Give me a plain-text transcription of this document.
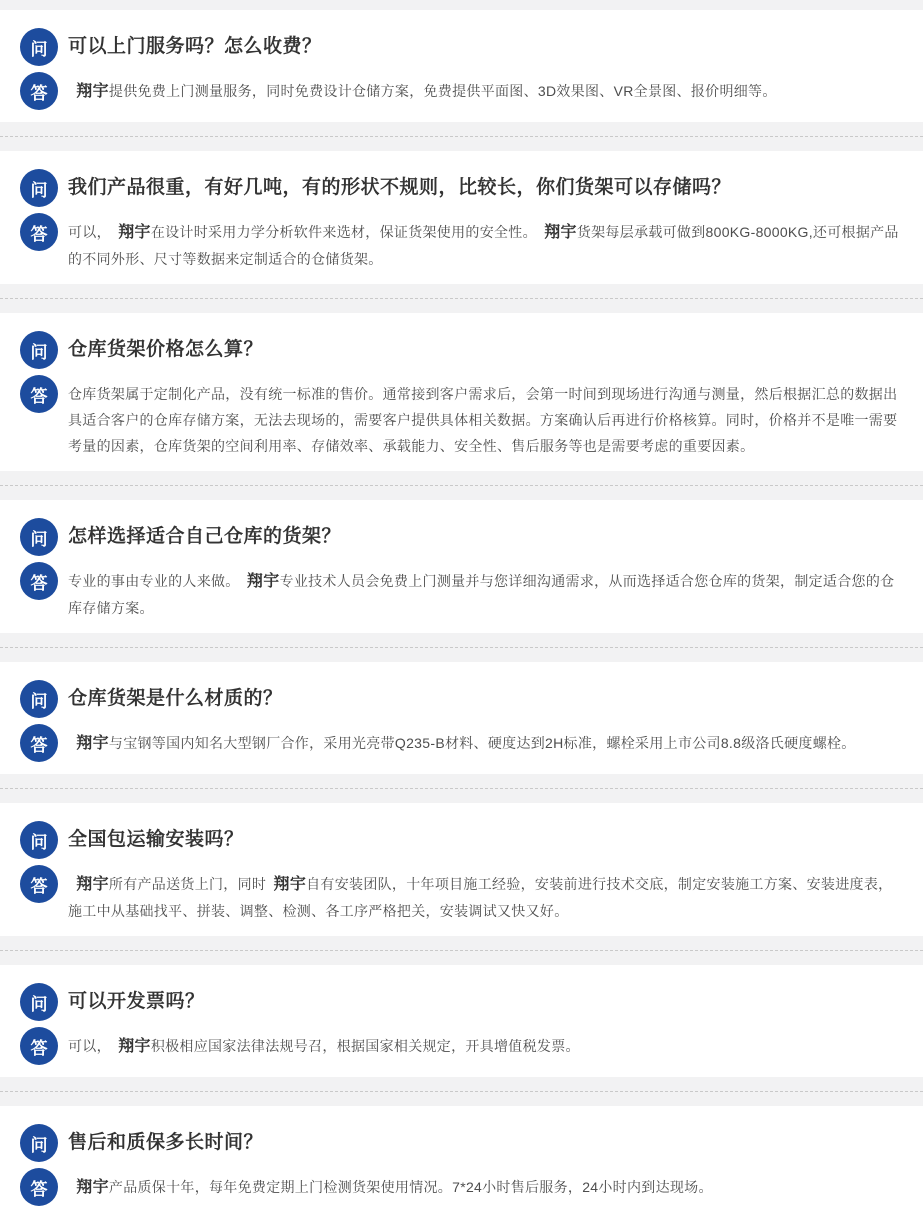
问	可以上门服务吗？怎么收费？
答	 翔宇提供免费上门测量服务，同时免费设计仓储方案，免费提供平面图、3D效果图、VR全景图、报价明细等。

问	我们产品很重，有好几吨，有的形状不规则，比较长，你们货架可以存储吗？
答	可以， 翔宇在设计时采用力学分析软件来选材，保证货架使用的安全性。 翔宇货架每层承载可做到800KG-8000KG,还可根据产品的不同外形、尺寸等数据来定制适合的仓储货架。

问	仓库货架价格怎么算？
答	仓库货架属于定制化产品，没有统一标准的售价。通常接到客户需求后，会第一时间到现场进行沟通与测量，然后根据汇总的数据出具适合客户的仓库存储方案，无法去现场的，需要客户提供具体相关数据。方案确认后再进行价格核算。同时，价格并不是唯一需要考量的因素，仓库货架的空间利用率、存储效率、承载能力、安全性、售后服务等也是需要考虑的重要因素。

问	怎样选择适合自己仓库的货架？
答	专业的事由专业的人来做。 翔宇专业技术人员会免费上门测量并与您详细沟通需求，从而选择适合您仓库的货架，制定适合您的仓库存储方案。

问	仓库货架是什么材质的？
答	 翔宇与宝钢等国内知名大型钢厂合作，采用光亮带Q235-B材料、硬度达到2H标准，螺栓采用上市公司8.8级洛氏硬度螺栓。

问	全国包运输安装吗？
答	 翔宇所有产品送货上门，同时 翔宇自有安装团队，十年项目施工经验，安装前进行技术交底，制定安装施工方案、安装进度表，施工中从基础找平、拼装、调整、检测、各工序严格把关，安装调试又快又好。

问	可以开发票吗？
答	可以， 翔宇积极相应国家法律法规号召，根据国家相关规定，开具增值税发票。

问	售后和质保多长时间？
答	 翔宇产品质保十年，每年免费定期上门检测货架使用情况。7*24小时售后服务，24小时内到达现场。
